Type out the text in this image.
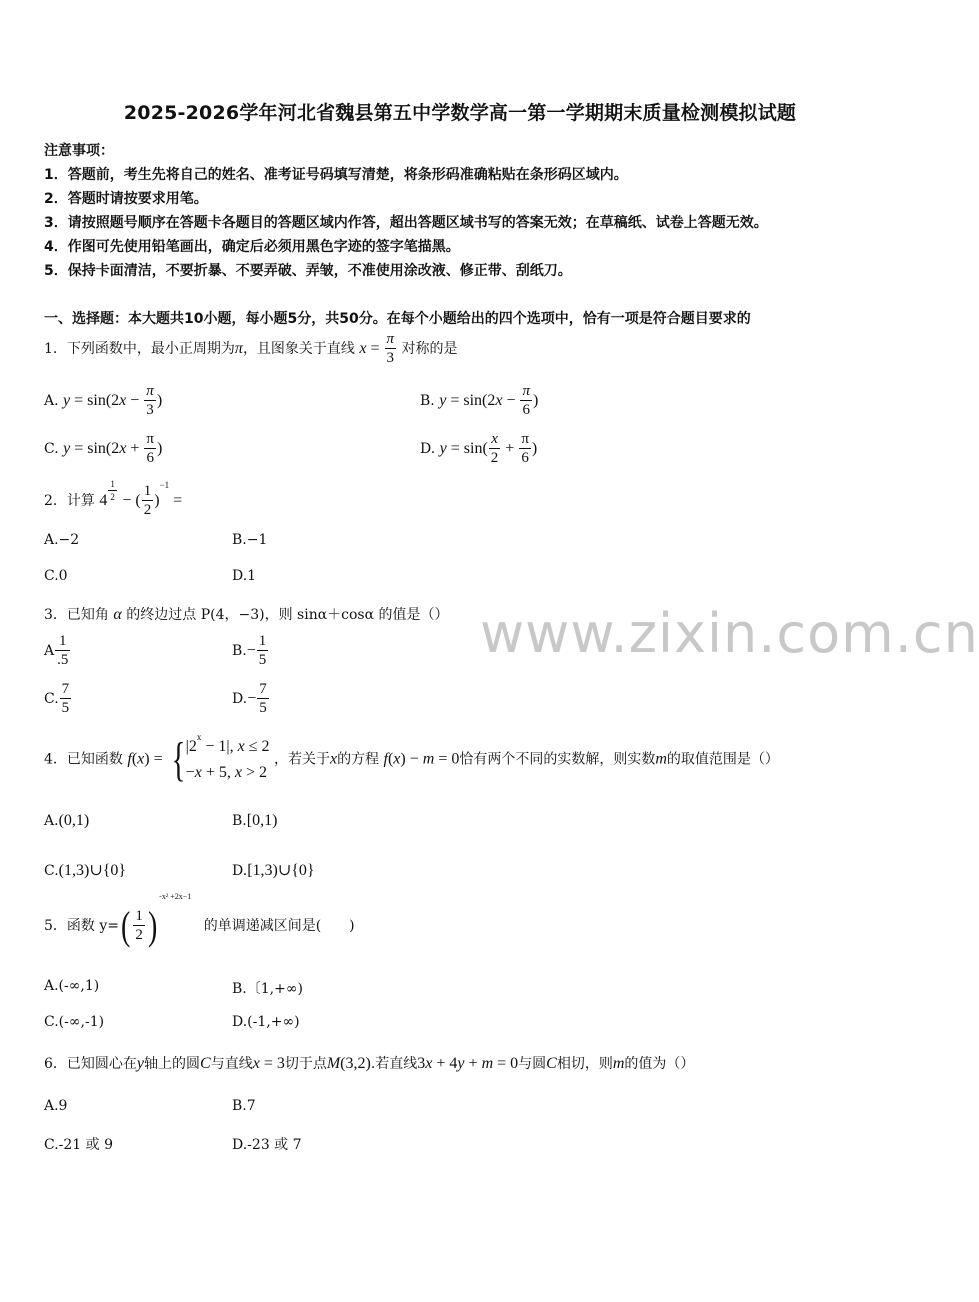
2025-2026学年河北省魏县第五中学数学高一第一学期期末质量检测模拟试题
注意事项：
1．答题前，考生先将自己的姓名、准考证号码填写清楚，将条形码准确粘贴在条形码区域内。
2．答题时请按要求用笔。
3．请按照题号顺序在答题卡各题目的答题区域内作答，超出答题区域书写的答案无效；在草稿纸、试卷上答题无效。
4．作图可先使用铅笔画出，确定后必须用黑色字迹的签字笔描黑。
5．保持卡面清洁，不要折暴、不要弄破、弄皱，不准使用涂改液、修正带、刮纸刀。
一、选择题：本大题共10小题，每小题5分，共50分。在每个小题给出的四个选项中，恰有一项是符合题目要求的
www.zixin.com.cn
1．下列函数中，最小正周期为π，且图象关于直线 $x = \frac{\pi}{3}$ 对称的是
A. $y = \sin(2x - \frac{\pi}{3}$ )	B. $y = \sin(2x - \frac{\pi}{6}$ )
C. $y = \sin(2x + \frac{\pi}{6}$ )	D. $y = \sin( \frac{x}{2} + \frac{\pi}{6}$ )
2．计算 4 $^{\frac{1}{2}}$ − ( $\frac{1}{2} )^{-1}$ =
A.−2	B.−1
C.0	D.1
3．已知角 α 的终边过点 P(4，−3)，则 sinα＋cosα 的值是（）
A $\frac{1}{.5}$	$B.- \frac{1}{5}$
C. $\frac{7}{5}$	$D.- \frac{7}{5}$
4．已知函数 f(x) = { $|2^x - 1|$, x ≤ 2
−x + 5, x > 2
，若关于x的方程 f(x) − m = 0恰有两个不同的实数解，则实数m的取值范围是（）
A.(0,1)	B.[0,1)
C.(1,3)∪{0}	D.[1,3)∪{0}
5．函数 $y=( \frac{1}{2} )^{-x^2 +2x-1}$ 的单调递减区间是(　　)
A.(-∞,1)	B.〔1,+∞)
C.(-∞,-1)	D.(-1,+∞)
6．已知圆心在y轴上的圆C与直线x = 3切于点M(3,2).若直线3x + 4y + m = 0与圆C相切，则m的值为（）
A.9	B.7
C.-21 或 9	D.-23 或 7
